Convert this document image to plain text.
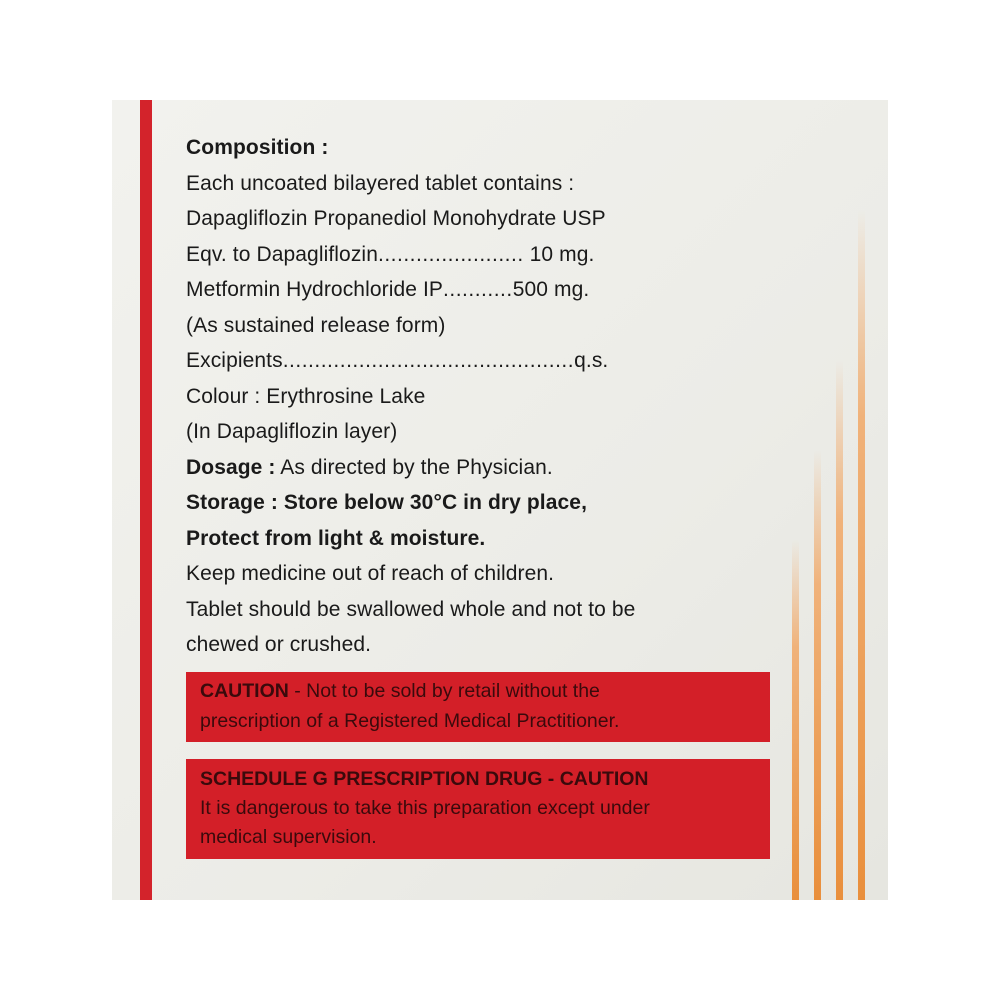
Composition :
Each uncoated bilayered tablet contains :
Dapagliflozin Propanediol Monohydrate USP
Eqv. to Dapagliflozin....................... 10 mg.
Metformin Hydrochloride IP...........500 mg.
(As sustained release form)
Excipients..............................................q.s.
Colour : Erythrosine Lake
(In Dapagliflozin layer)
Dosage : As directed by the Physician.
Storage : Store below 30°C in dry place,
Protect from light & moisture.
Keep medicine out of reach of children.
Tablet should be swallowed whole and not to be
chewed or crushed.
CAUTION - Not to be sold by retail without the
prescription of a Registered Medical Practitioner.
SCHEDULE G PRESCRIPTION DRUG - CAUTION
It is dangerous to take this preparation except under
medical supervision.
